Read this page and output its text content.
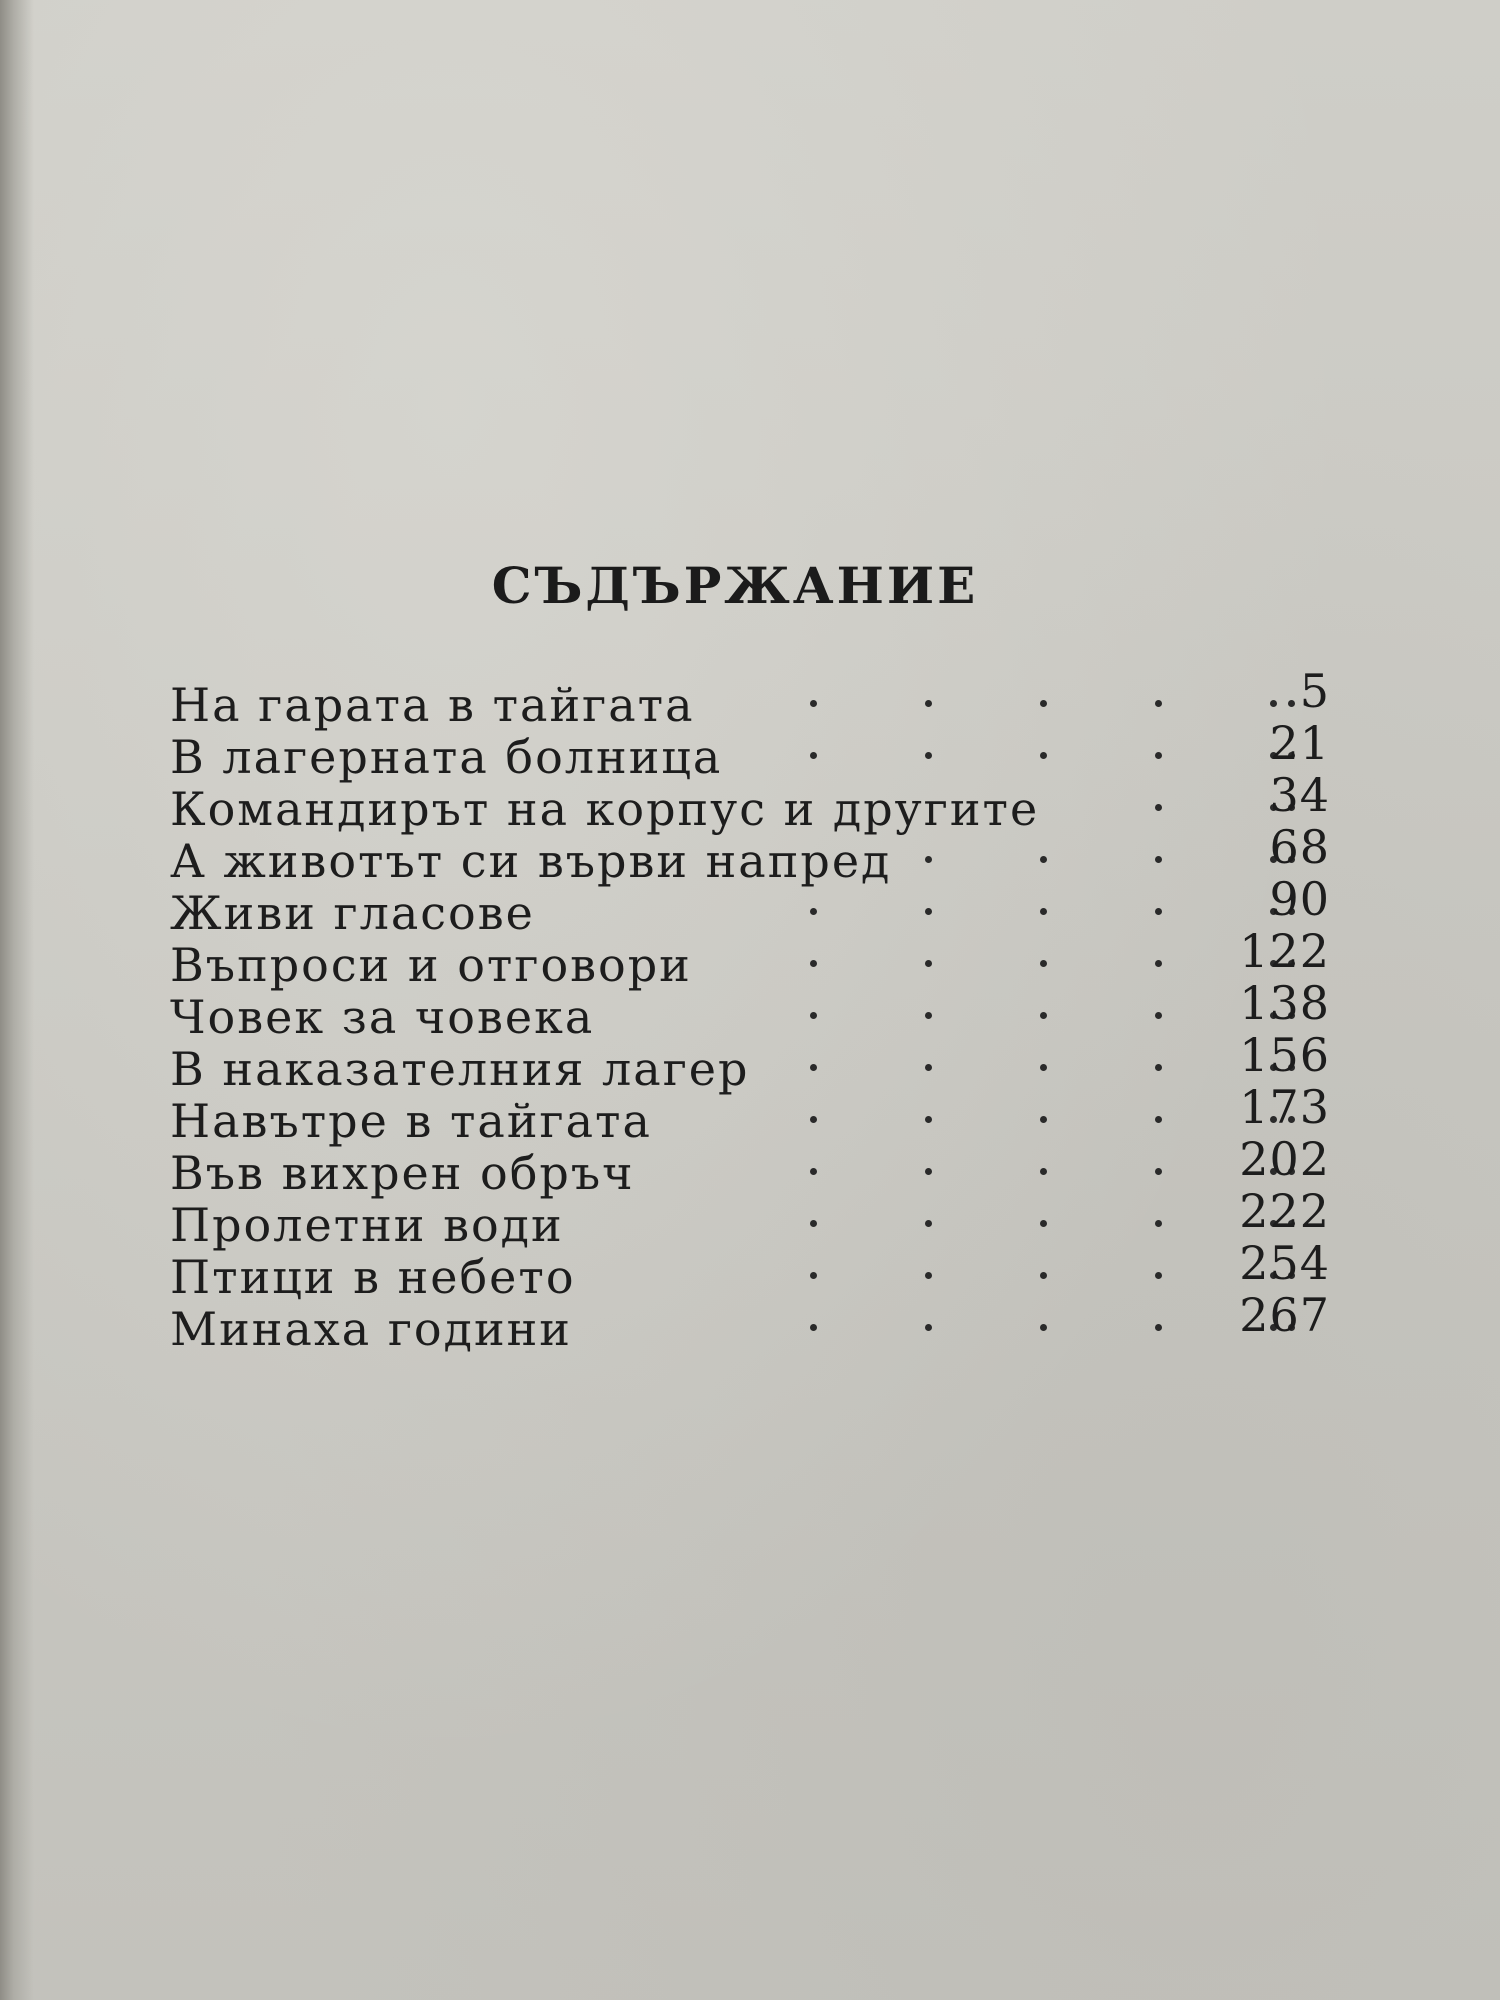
СЪДЪРЖАНИЕ
На гарата в тайгата	5
В лагерната болница	21
Командирът на корпус и другите	34
А животът си върви напред	68
Живи гласове	90
Въпроси и отговори	122
Човек за човека	138
В наказателния лагер	156
Навътре в тайгата	173
Във вихрен обръч	202
Пролетни води	222
Птици в небето	254
Минаха години	267
